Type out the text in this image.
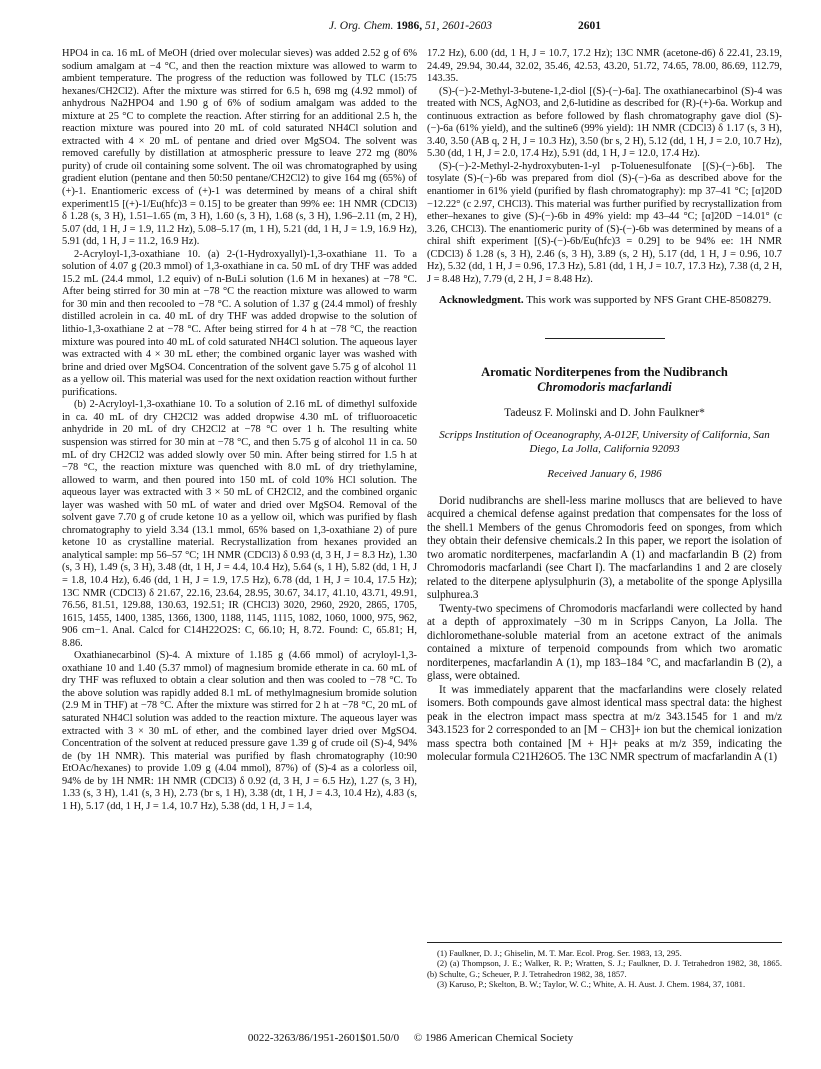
J. Org. Chem. 1986, 51, 2601-2603	2601

HPO4 in ca. 16 mL of MeOH (dried over molecular sieves) was added 2.52 g of 6% sodium amalgam at −4 °C, and then the reaction mixture was allowed to warm to ambient temperature. The progress of the reduction was followed by TLC (15:75 hexanes/CH2Cl2). After the mixture was stirred for 6.5 h, 698 mg (4.92 mmol) of anhydrous Na2HPO4 and 1.90 g of 6% of sodium amalgam was added to the mixture at 25 °C to complete the reaction. After stirring for an additional 2.5 h, the reaction mixture was poured into 20 mL of cold saturated NH4Cl solution and extracted with 4 × 20 mL of pentane and dried over MgSO4. The solvent was removed carefully by distillation at atmospheric pressure to leave 272 mg (80% purity) of crude oil containing some solvent. The oil was chromatographed by using gradient elution (pentane and then 50:50 pentane/CH2Cl2) to give 164 mg (65%) of (+)-1. Enantiomeric excess of (+)-1 was determined by means of a chiral shift experiment15 [(+)-1/Eu(hfc)3 = 0.15] to be greater than 99% ee: 1H NMR (CDCl3) δ 1.28 (s, 3 H), 1.51–1.65 (m, 3 H), 1.60 (s, 3 H), 1.68 (s, 3 H), 1.96–2.11 (m, 2 H), 5.07 (dd, 1 H, J = 1.9, 11.2 Hz), 5.08–5.17 (m, 1 H), 5.21 (dd, 1 H, J = 1.9, 16.9 Hz), 5.91 (dd, 1 H, J = 11.2, 16.9 Hz).

2-Acryloyl-1,3-oxathiane 10. (a) 2-(1-Hydroxyallyl)-1,3-oxathiane 11. To a solution of 4.07 g (20.3 mmol) of 1,3-oxathiane in ca. 50 mL of dry THF was added 15.2 mL (24.4 mmol, 1.2 equiv) of n-BuLi solution (1.6 M in hexanes) at −78 °C. After being stirred for 30 min at −78 °C the reaction mixture was allowed to warm for 30 min and then recooled to −78 °C. A solution of 1.37 g (24.4 mmol) of freshly distilled acrolein in ca. 40 mL of dry THF was added dropwise to the solution of lithio-1,3-oxathiane 2 at −78 °C. After being stirred for 4 h at −78 °C, the reaction mixture was poured into 40 mL of cold saturated NH4Cl solution. The aqueous layer was extracted with 4 × 30 mL ether; the combined organic layer was washed with brine and dried over MgSO4. Concentration of the solvent gave 5.75 g of alcohol 11 as a yellow oil. This material was used for the next oxidation reaction without further purifications.

(b) 2-Acryloyl-1,3-oxathiane 10. To a solution of 2.16 mL of dimethyl sulfoxide in ca. 40 mL of dry CH2Cl2 was added dropwise 4.30 mL of trifluoroacetic anhydride in 20 mL of dry CH2Cl2 at −78 °C over 1 h. The resulting white suspension was stirred for 30 min at −78 °C, and then 5.75 g of alcohol 11 in ca. 50 mL of dry CH2Cl2 was added slowly over 50 min. After being stirred for 1.5 h at −78 °C, the reaction mixture was quenched with 8.0 mL of dry triethylamine, allowed to warm, and then poured into 150 mL of cold 10% HCl solution. The aqueous layer was extracted with 3 × 50 mL of CH2Cl2, and the combined organic layer was washed with 50 mL of water and dried over MgSO4. Removal of the solvent gave 7.70 g of crude ketone 10 as a yellow oil, which was purified by flash chromatography to yield 3.34 (13.1 mmol, 65% based on 1,3-oxathiane 2) of pure ketone 10 as crystalline material. Recrystallization from hexanes provided an analytical sample: mp 56–57 °C; 1H NMR (CDCl3) δ 0.93 (d, 3 H, J = 8.3 Hz), 1.30 (s, 3 H), 1.49 (s, 3 H), 3.48 (dt, 1 H, J = 4.4, 10.4 Hz), 5.64 (s, 1 H), 5.82 (dd, 1 H, J = 1.8, 10.4 Hz), 6.46 (dd, 1 H, J = 1.9, 17.5 Hz), 6.78 (dd, 1 H, J = 10.4, 17.5 Hz); 13C NMR (CDCl3) δ 21.67, 22.16, 23.64, 28.95, 30.67, 34.17, 41.10, 43.71, 49.91, 76.56, 81.51, 129.88, 130.63, 192.51; IR (CHCl3) 3020, 2960, 2920, 2865, 1705, 1615, 1455, 1400, 1385, 1366, 1300, 1188, 1145, 1115, 1082, 1060, 1000, 975, 962, 906 cm−1. Anal. Calcd for C14H22O2S: C, 66.10; H, 8.72. Found: C, 65.81; H, 8.86.

Oxathianecarbinol (S)-4. A mixture of 1.185 g (4.66 mmol) of acryloyl-1,3-oxathiane 10 and 1.40 (5.37 mmol) of magnesium bromide etherate in ca. 60 mL of dry THF was refluxed to obtain a clear solution and then was cooled to −78 °C. To the above solution was rapidly added 8.1 mL of methylmagnesium bromide solution (2.9 M in THF) at −78 °C. After the mixture was stirred for 2 h at −78 °C, 20 mL of saturated NH4Cl solution was added to the reaction mixture. The aqueous layer was extracted with 3 × 30 mL of ether, and the combined layer dried over MgSO4. Concentration of the solvent at reduced pressure gave 1.39 g of crude oil (S)-4, 94% de (by 1H NMR). This material was purified by flash chromatography (10:90 EtOAc/hexanes) to provide 1.09 g (4.04 mmol), 87%) of (S)-4 as a colorless oil, 94% de by 1H NMR: 1H NMR (CDCl3) δ 0.92 (d, 3 H, J = 6.5 Hz), 1.27 (s, 3 H), 1.33 (s, 3 H), 1.41 (s, 3 H), 2.73 (br s, 1 H), 3.38 (dt, 1 H, J = 4.3, 10.4 Hz), 4.83 (s, 1 H), 5.17 (dd, 1 H, J = 1.4, 10.7 Hz), 5.38 (dd, 1 H, J = 1.4,

17.2 Hz), 6.00 (dd, 1 H, J = 10.7, 17.2 Hz); 13C NMR (acetone-d6) δ 22.41, 23.19, 24.49, 29.94, 30.44, 32.02, 35.46, 42.53, 43.20, 51.72, 74.65, 78.00, 86.69, 112.79, 143.35.

(S)-(−)-2-Methyl-3-butene-1,2-diol [(S)-(−)-6a]. The oxathianecarbinol (S)-4 was treated with NCS, AgNO3, and 2,6-lutidine as described for (R)-(+)-6a. Workup and continuous extraction as before followed by flash chromatography gave diol (S)-(−)-6a (61% yield), and the sultine6 (99% yield): 1H NMR (CDCl3) δ 1.17 (s, 3 H), 3.40, 3.50 (AB q, 2 H, J = 10.3 Hz), 3.50 (br s, 2 H), 5.12 (dd, 1 H, J = 2.0, 10.7 Hz), 5.30 (dd, 1 H, J = 2.0, 17.4 Hz), 5.91 (dd, 1 H, J = 12.0, 17.4 Hz).

(S)-(−)-2-Methyl-2-hydroxybuten-1-yl p-Toluenesulfonate [(S)-(−)-6b]. The tosylate (S)-(−)-6b was prepared from diol (S)-(−)-6a as described above for the enantiomer in 61% yield (purified by flash chromatography): mp 37–41 °C; [α]20D −12.22° (c 2.97, CHCl3). This material was further purified by recrystallization from ether–hexanes to give (S)-(−)-6b in 49% yield: mp 43–44 °C; [α]20D −14.01° (c 3.26, CHCl3). The enantiomeric purity of (S)-(−)-6b was determined by means of a chiral shift experiment [(S)-(−)-6b/Eu(hfc)3 = 0.29] to be 94% ee: 1H NMR (CDCl3) δ 1.28 (s, 3 H), 2.46 (s, 3 H), 3.89 (s, 2 H), 5.17 (dd, 1 H, J = 0.96, 10.7 Hz), 5.32 (dd, 1 H, J = 0.96, 17.3 Hz), 5.81 (dd, 1 H, J = 10.7, 17.3 Hz), 7.38 (d, 2 H, J = 8.48 Hz), 7.79 (d, 2 H, J = 8.48 Hz).

Acknowledgment. This work was supported by NFS Grant CHE-8508279.

Aromatic Norditerpenes from the Nudibranch
Chromodoris macfarlandi
Tadeusz F. Molinski and D. John Faulkner*
Scripps Institution of Oceanography, A-012F, University of California, San Diego, La Jolla, California 92093
Received January 6, 1986

Dorid nudibranchs are shell-less marine molluscs that are believed to have acquired a chemical defense against predation that compensates for the loss of the shell.1 Members of the genus Chromodoris feed on sponges, from which they obtain their defensive chemicals.2 In this paper, we report the isolation of two aromatic norditerpenes, macfarlandin A (1) and macfarlandin B (2) from Chromodoris macfarlandi (see Chart I). The macfarlandins 1 and 2 are closely related to the diterpene aplysulphurin (3), a metabolite of the sponge Aplysilla sulphurea.3

Twenty-two specimens of Chromodoris macfarlandi were collected by hand at a depth of approximately −30 m in Scripps Canyon, La Jolla. The dichloromethane-soluble material from an acetone extract of the animals contained a mixture of terpenoid compounds from which two aromatic norditerpenes, macfarlandin A (1), mp 183–184 °C, and macfarlandin B (2), a glass, were obtained.

It was immediately apparent that the macfarlandins were closely related isomers. Both compounds gave almost identical mass spectral data: the highest peak in the electron impact mass spectra at m/z 343.1545 for 1 and m/z 343.1523 for 2 corresponded to an [M − CH3]+ ion but the chemical ionization mass spectra both contained [M + H]+ peaks at m/z 359, indicating the molecular formula C21H26O5. The 13C NMR spectrum of macfarlandin A (1)

(1) Faulkner, D. J.; Ghiselin, M. T. Mar. Ecol. Prog. Ser. 1983, 13, 295.

(2) (a) Thompson, J. E.; Walker, R. P.; Wratten, S. J.; Faulkner, D. J. Tetrahedron 1982, 38, 1865. (b) Schulte, G.; Scheuer, P. J. Tetrahedron 1982, 38, 1857.

(3) Karuso, P.; Skelton, B. W.; Taylor, W. C.; White, A. H. Aust. J. Chem. 1984, 37, 1081.

0022-3263/86/1951-2601$01.50/0 © 1986 American Chemical Society
